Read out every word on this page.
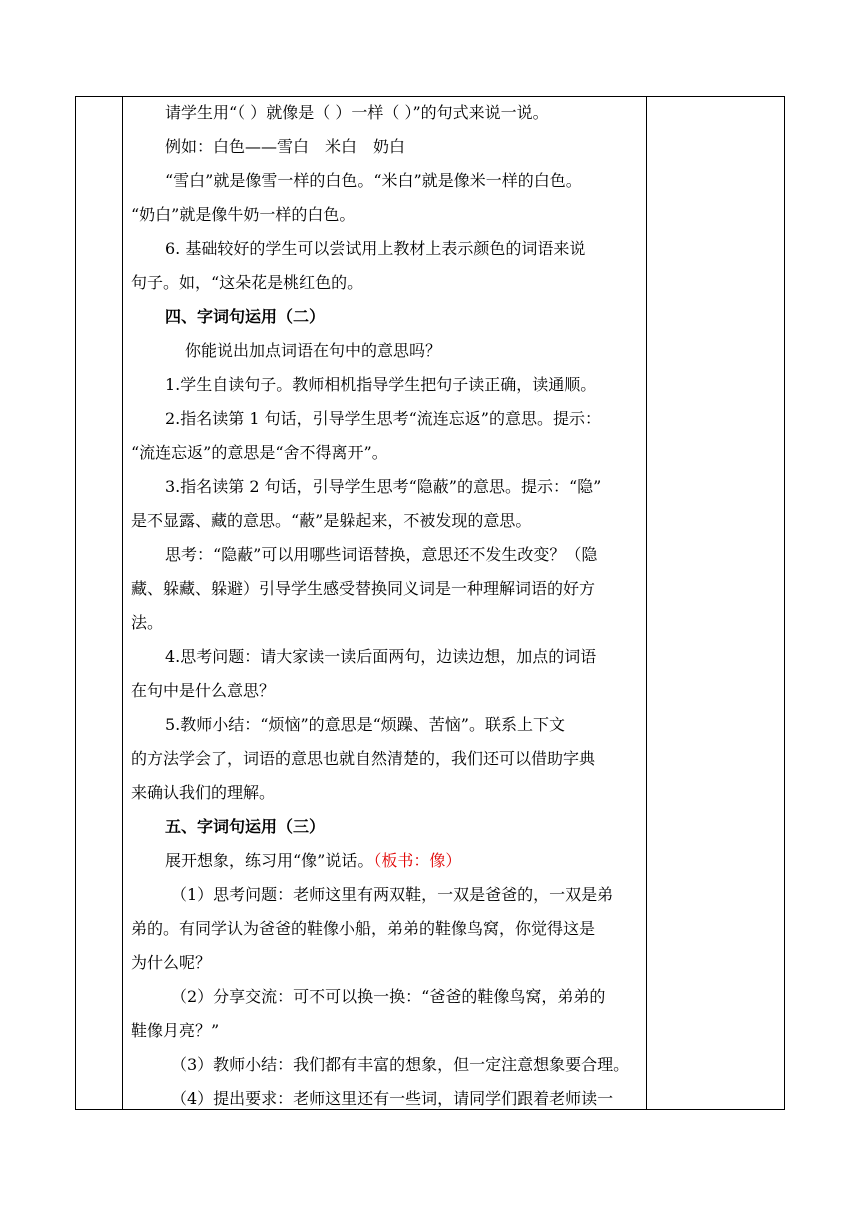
请学生用“（ ）就像是（ ）一样（ ）”的句式来说一说。
例如：白色——雪白　米白　奶白
“雪白”就是像雪一样的白色。“米白”就是像米一样的白色。
“奶白”就是像牛奶一样的白色。
6. 基础较好的学生可以尝试用上教材上表示颜色的词语来说
句子。如，“这朵花是桃红色的。
四、字词句运用（二）
你能说出加点词语在句中的意思吗？
1.学生自读句子。教师相机指导学生把句子读正确，读通顺。
2.指名读第 1 句话，引导学生思考“流连忘返”的意思。提示：
“流连忘返”的意思是“舍不得离开”。
3.指名读第 2 句话，引导学生思考“隐蔽”的意思。提示：“隐”
是不显露、藏的意思。“蔽”是躲起来，不被发现的意思。
思考：“隐蔽”可以用哪些词语替换，意思还不发生改变？（隐
藏、躲藏、躲避）引导学生感受替换同义词是一种理解词语的好方
法。
4.思考问题：请大家读一读后面两句，边读边想，加点的词语
在句中是什么意思？
5.教师小结：“烦恼”的意思是“烦躁、苦恼”。联系上下文
的方法学会了，词语的意思也就自然清楚的，我们还可以借助字典
来确认我们的理解。
五、字词句运用（三）
展开想象，练习用“像”说话。（板书：像）
（1）思考问题：老师这里有两双鞋，一双是爸爸的，一双是弟
弟的。有同学认为爸爸的鞋像小船，弟弟的鞋像鸟窝，你觉得这是
为什么呢？
（2）分享交流：可不可以换一换：“爸爸的鞋像鸟窝，弟弟的
鞋像月亮？”
（3）教师小结：我们都有丰富的想象，但一定注意想象要合理。
（4）提出要求：老师这里还有一些词，请同学们跟着老师读一
